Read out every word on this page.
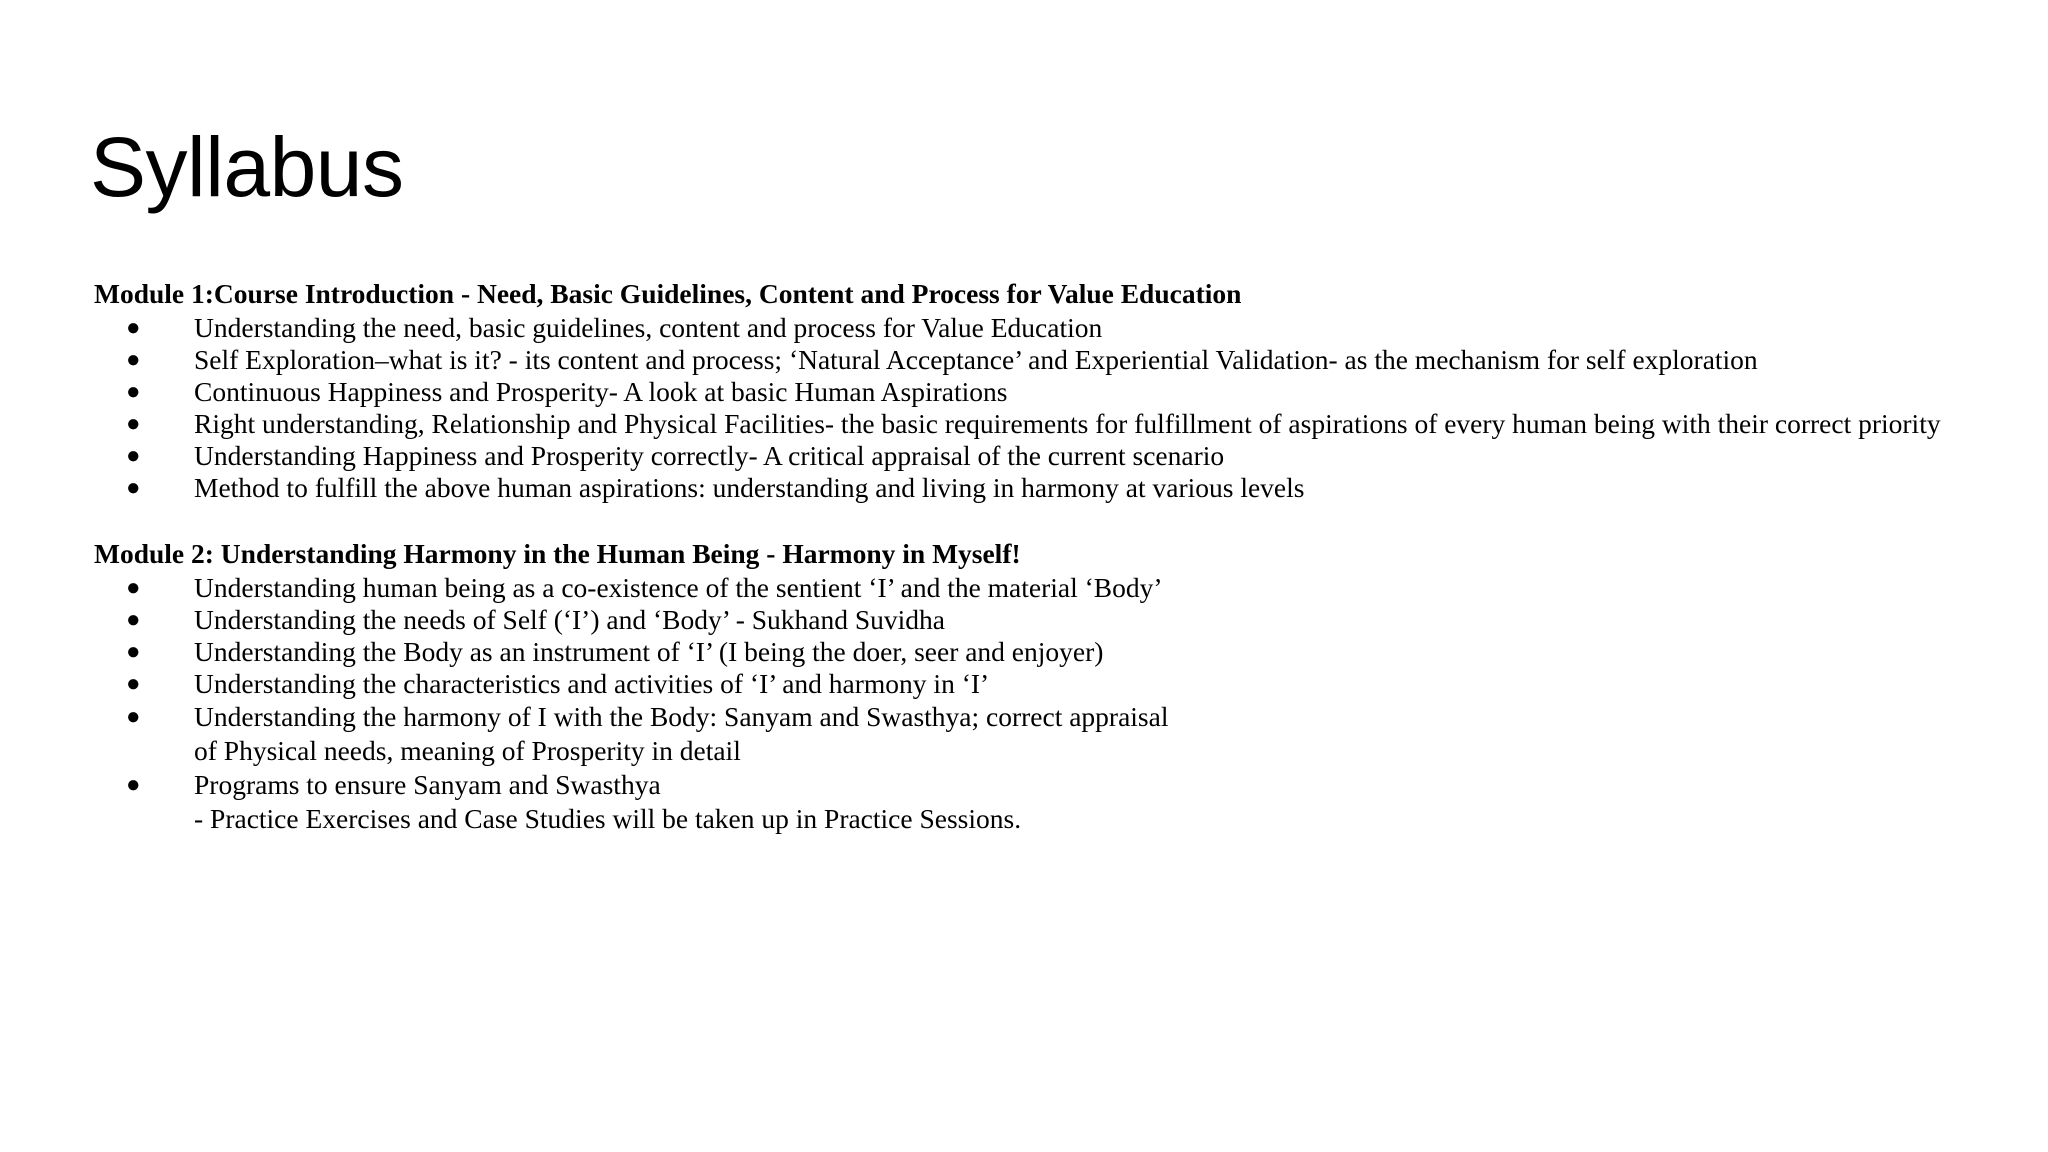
Syllabus

Module 1:Course Introduction - Need, Basic Guidelines, Content and Process for Value Education

● Understanding the need, basic guidelines, content and process for Value Education
● Self Exploration–what is it? - its content and process; ‘Natural Acceptance’ and Experiential Validation- as the mechanism for self exploration
● Continuous Happiness and Prosperity- A look at basic Human Aspirations
● Right understanding, Relationship and Physical Facilities- the basic requirements for fulfillment of aspirations of every human being with their correct priority
● Understanding Happiness and Prosperity correctly- A critical appraisal of the current scenario
● Method to fulfill the above human aspirations: understanding and living in harmony at various levels

Module 2: Understanding Harmony in the Human Being - Harmony in Myself!

● Understanding human being as a co-existence of the sentient ‘I’ and the material ‘Body’
● Understanding the needs of Self (‘I’) and ‘Body’ - Sukhand Suvidha
● Understanding the Body as an instrument of ‘I’ (I being the doer, seer and enjoyer)
● Understanding the characteristics and activities of ‘I’ and harmony in ‘I’
● Understanding the harmony of I with the Body: Sanyam and Swasthya; correct appraisal
of Physical needs, meaning of Prosperity in detail
● Programs to ensure Sanyam and Swasthya
- Practice Exercises and Case Studies will be taken up in Practice Sessions.
